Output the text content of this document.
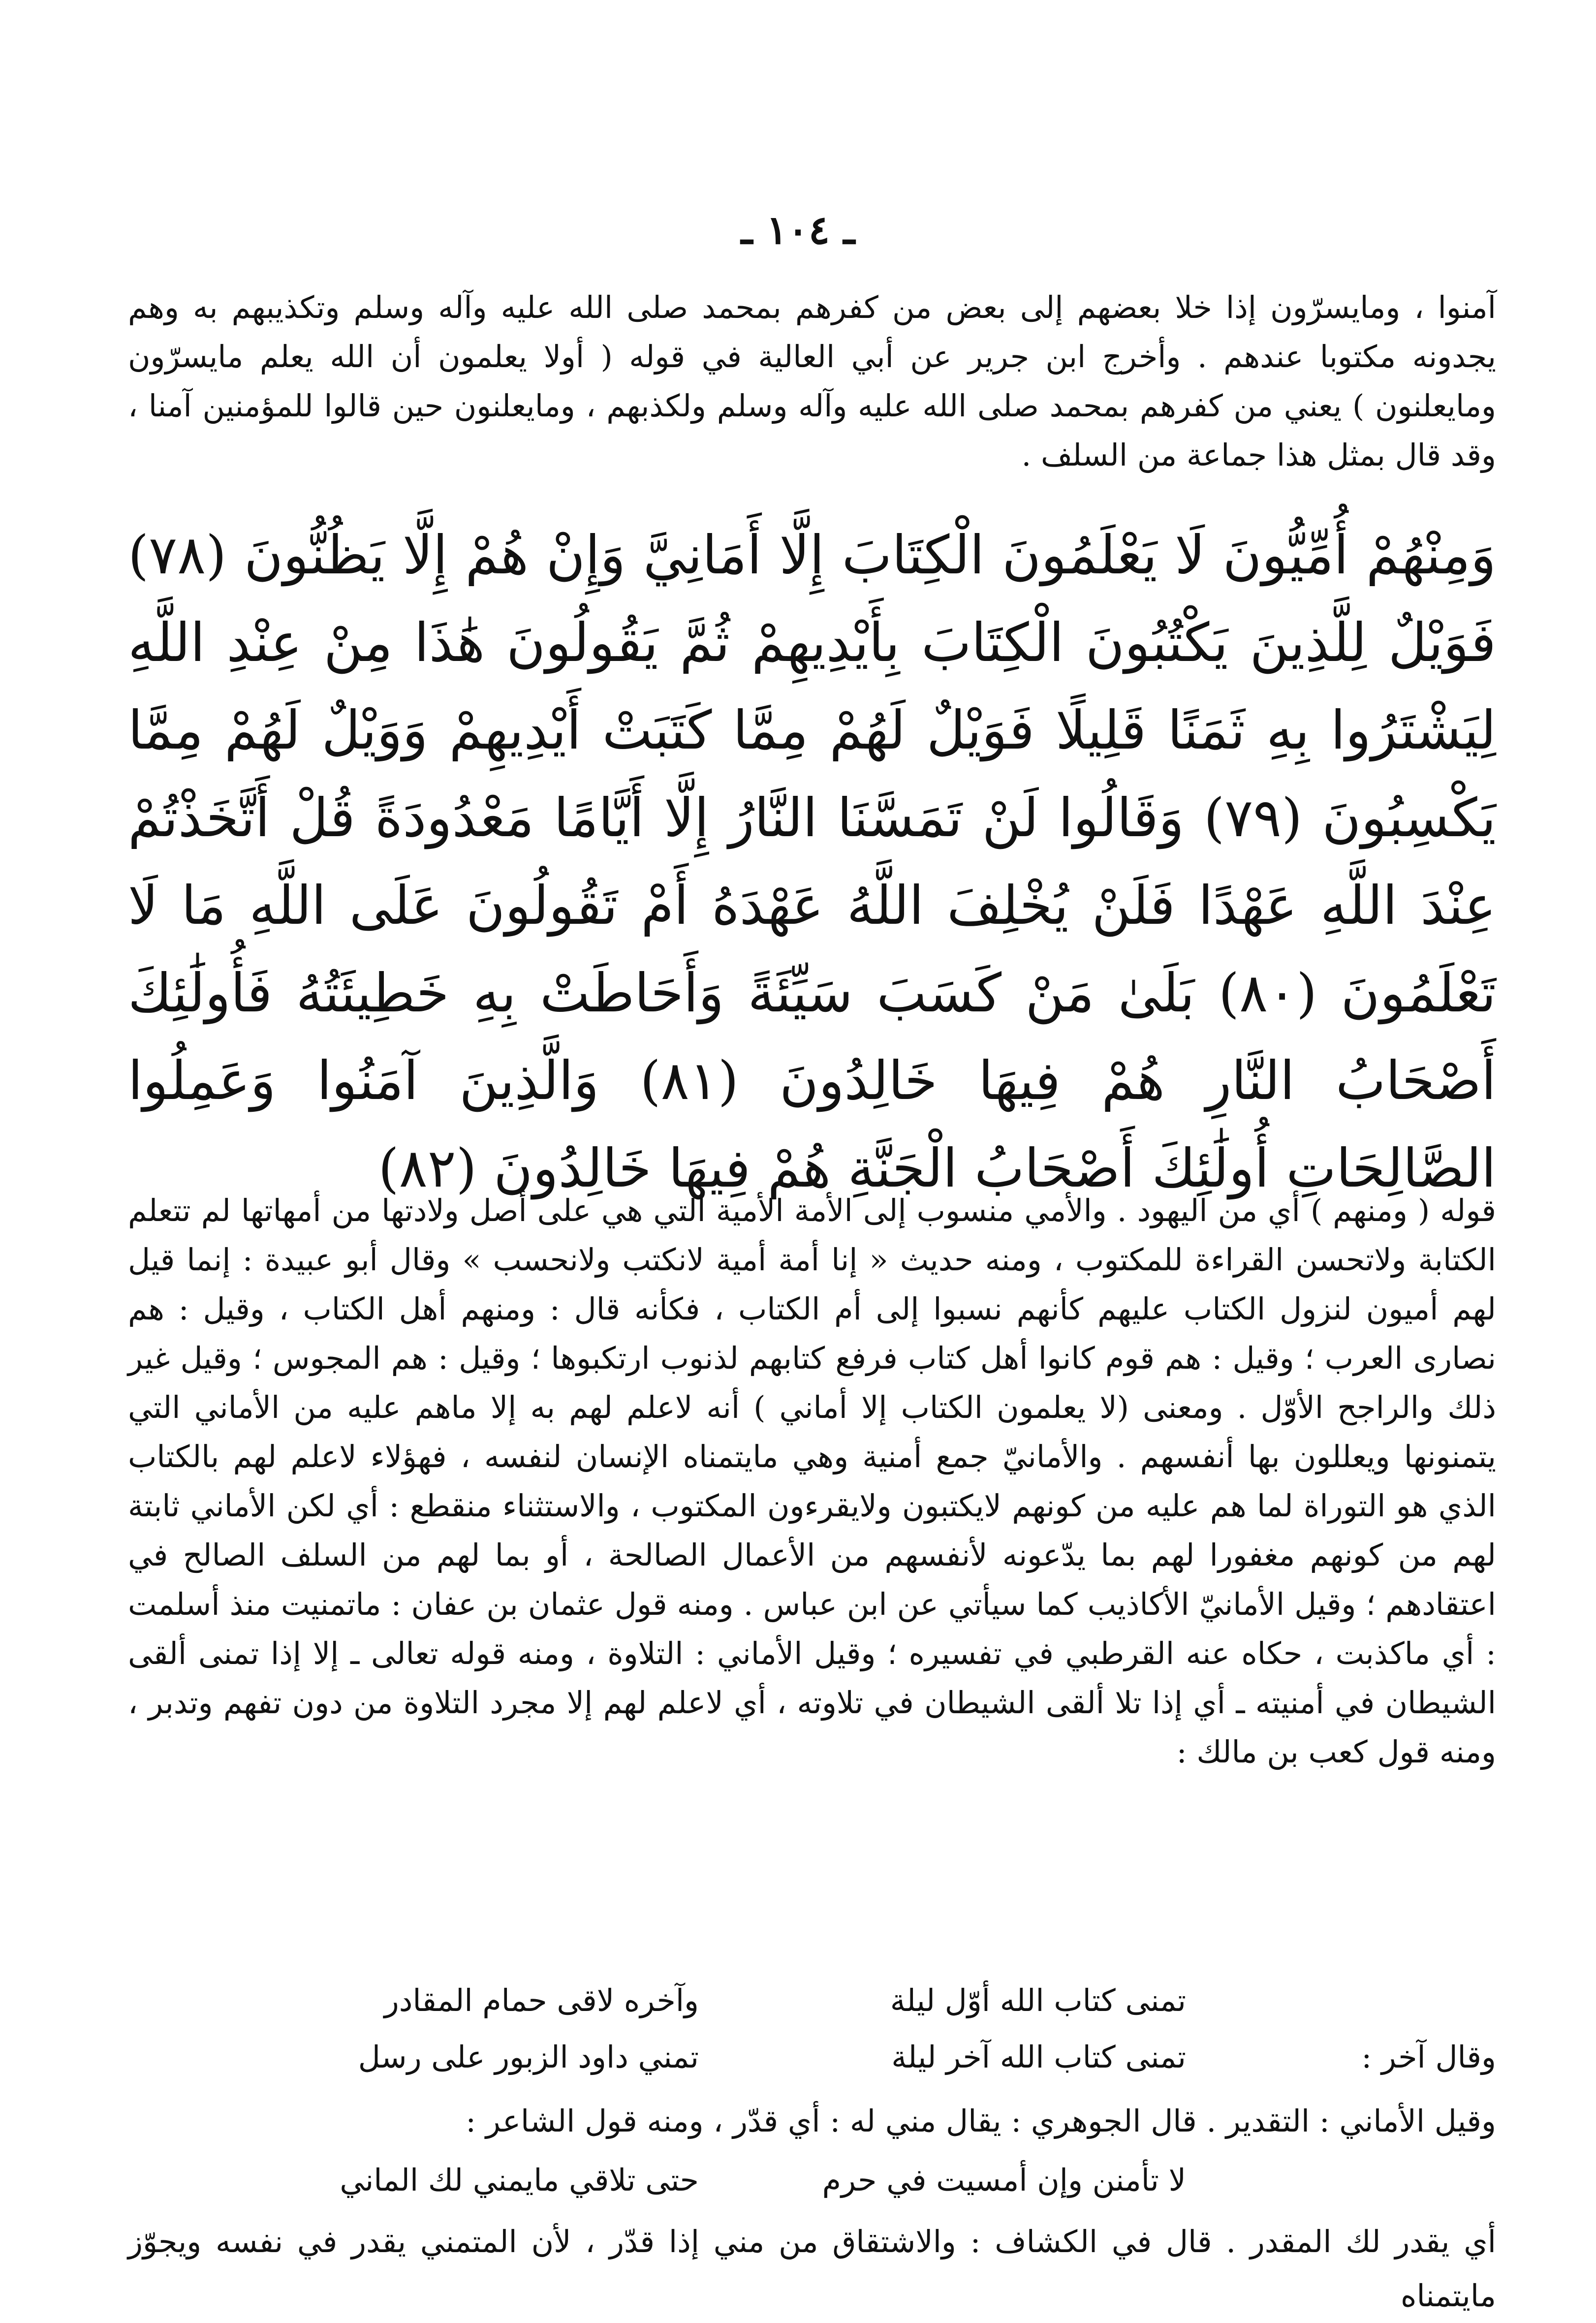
ـ ١٠٤ ـ
آمنوا ، ومايسرّون إذا خلا بعضهم إلى بعض من كفرهم بمحمد صلى الله عليه وآله وسلم وتكذيبهم به وهم يجدونه مكتوبا عندهم . وأخرج ابن جرير عن أبي العالية في قوله ( أولا يعلمون أن الله يعلم مايسرّون ومايعلنون ) يعني من كفرهم بمحمد صلى الله عليه وآله وسلم ولكذبهم ، ومايعلنون حين قالوا للمؤمنين آمنا ، وقد قال بمثل هذا جماعة من السلف .
وَمِنْهُمْ أُمِّيُّونَ لَا يَعْلَمُونَ الْكِتَابَ إِلَّا أَمَانِيَّ وَإِنْ هُمْ إِلَّا يَظُنُّونَ (٧٨) فَوَيْلٌ لِلَّذِينَ يَكْتُبُونَ الْكِتَابَ بِأَيْدِيهِمْ ثُمَّ يَقُولُونَ هَٰذَا مِنْ عِنْدِ اللَّهِ لِيَشْتَرُوا بِهِ ثَمَنًا قَلِيلًا فَوَيْلٌ لَهُمْ مِمَّا كَتَبَتْ أَيْدِيهِمْ وَوَيْلٌ لَهُمْ مِمَّا يَكْسِبُونَ (٧٩) وَقَالُوا لَنْ تَمَسَّنَا النَّارُ إِلَّا أَيَّامًا مَعْدُودَةً قُلْ أَتَّخَذْتُمْ عِنْدَ اللَّهِ عَهْدًا فَلَنْ يُخْلِفَ اللَّهُ عَهْدَهُ أَمْ تَقُولُونَ عَلَى اللَّهِ مَا لَا تَعْلَمُونَ (٨٠) بَلَىٰ مَنْ كَسَبَ سَيِّئَةً وَأَحَاطَتْ بِهِ خَطِيئَتُهُ فَأُولَٰئِكَ أَصْحَابُ النَّارِ هُمْ فِيهَا خَالِدُونَ (٨١) وَالَّذِينَ آمَنُوا وَعَمِلُوا الصَّالِحَاتِ أُولَٰئِكَ أَصْحَابُ الْجَنَّةِ هُمْ فِيهَا خَالِدُونَ (٨٢)
قوله ( ومنهم ) أي من اليهود . والأمي منسوب إلى الأمة الأمية التي هي على أصل ولادتها من أمهاتها لم تتعلم الكتابة ولاتحسن القراءة للمكتوب ، ومنه حديث « إنا أمة أمية لانكتب ولانحسب » وقال أبو عبيدة : إنما قيل لهم أميون لنزول الكتاب عليهم كأنهم نسبوا إلى أم الكتاب ، فكأنه قال : ومنهم أهل الكتاب ، وقيل : هم نصارى العرب ؛ وقيل : هم قوم كانوا أهل كتاب فرفع كتابهم لذنوب ارتكبوها ؛ وقيل : هم المجوس ؛ وقيل غير ذلك والراجح الأوّل . ومعنى (لا يعلمون الكتاب إلا أماني ) أنه لاعلم لهم به إلا ماهم عليه من الأماني التي يتمنونها ويعللون بها أنفسهم . والأمانيّ جمع أمنية وهي مايتمناه الإنسان لنفسه ، فهؤلاء لاعلم لهم بالكتاب الذي هو التوراة لما هم عليه من كونهم لايكتبون ولايقرءون المكتوب ، والاستثناء منقطع : أي لكن الأماني ثابتة لهم من كونهم مغفورا لهم بما يدّعونه لأنفسهم من الأعمال الصالحة ، أو بما لهم من السلف الصالح في اعتقادهم ؛ وقيل الأمانيّ الأكاذيب كما سيأتي عن ابن عباس . ومنه قول عثمان بن عفان : ماتمنيت منذ أسلمت : أي ماكذبت ، حكاه عنه القرطبي في تفسيره ؛ وقيل الأماني : التلاوة ، ومنه قوله تعالى ـ إلا إذا تمنى ألقى الشيطان في أمنيته ـ أي إذا تلا ألقى الشيطان في تلاوته ، أي لاعلم لهم إلا مجرد التلاوة من دون تفهم وتدبر ، ومنه قول كعب بن مالك :
تمنى كتاب الله أوّل ليلة
وآخره لاقى حمام المقادر
وقال آخر :
تمنى كتاب الله آخر ليلة
تمني داود الزبور على رسل
وقيل الأماني : التقدير . قال الجوهري : يقال مني له : أي قدّر ، ومنه قول الشاعر :
لا تأمنن وإن أمسيت في حرم
حتى تلاقي مايمني لك الماني
أي يقدر لك المقدر . قال في الكشاف : والاشتقاق من مني إذا قدّر ، لأن المتمني يقدر في نفسه ويجوّز مايتمناه
